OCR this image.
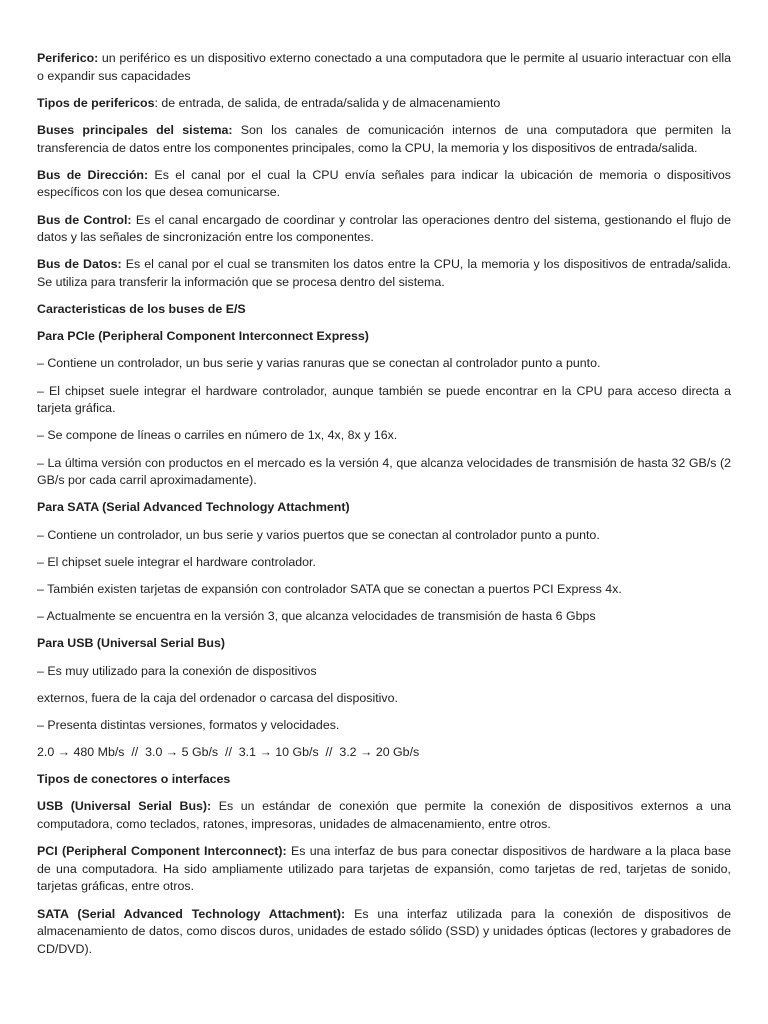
Periferico: un periférico es un dispositivo externo conectado a una computadora que le permite al usuario interactuar con ella o expandir sus capacidades

Tipos de perifericos: de entrada, de salida, de entrada/salida y de almacenamiento

Buses principales del sistema: Son los canales de comunicación internos de una computadora que permiten la transferencia de datos entre los componentes principales, como la CPU, la memoria y los dispositivos de entrada/salida.

Bus de Dirección: Es el canal por el cual la CPU envía señales para indicar la ubicación de memoria o dispositivos específicos con los que desea comunicarse.

Bus de Control: Es el canal encargado de coordinar y controlar las operaciones dentro del sistema, gestionando el flujo de datos y las señales de sincronización entre los componentes.

Bus de Datos: Es el canal por el cual se transmiten los datos entre la CPU, la memoria y los dispositivos de entrada/salida. Se utiliza para transferir la información que se procesa dentro del sistema.

Caracteristicas de los buses de E/S

Para PCIe (Peripheral Component Interconnect Express)

– Contiene un controlador, un bus serie y varias ranuras que se conectan al controlador punto a punto.

– El chipset suele integrar el hardware controlador, aunque también se puede encontrar en la CPU para acceso directa a tarjeta gráfica.

– Se compone de líneas o carriles en número de 1x, 4x, 8x y 16x.

– La última versión con productos en el mercado es la versión 4, que alcanza velocidades de transmisión de hasta 32 GB/s (2 GB/s por cada carril aproximadamente).

Para SATA (Serial Advanced Technology Attachment)

– Contiene un controlador, un bus serie y varios puertos que se conectan al controlador punto a punto.

– El chipset suele integrar el hardware controlador.

– También existen tarjetas de expansión con controlador SATA que se conectan a puertos PCI Express 4x.

– Actualmente se encuentra en la versión 3, que alcanza velocidades de transmisión de hasta 6 Gbps

Para USB (Universal Serial Bus)

– Es muy utilizado para la conexión de dispositivos

externos, fuera de la caja del ordenador o carcasa del dispositivo.

– Presenta distintas versiones, formatos y velocidades.

2.0 → 480 Mb/s  //  3.0 → 5 Gb/s  //  3.1 → 10 Gb/s  //  3.2 → 20 Gb/s

Tipos de conectores o interfaces

USB (Universal Serial Bus): Es un estándar de conexión que permite la conexión de dispositivos externos a una computadora, como teclados, ratones, impresoras, unidades de almacenamiento, entre otros.

PCI (Peripheral Component Interconnect): Es una interfaz de bus para conectar dispositivos de hardware a la placa base de una computadora. Ha sido ampliamente utilizado para tarjetas de expansión, como tarjetas de red, tarjetas de sonido, tarjetas gráficas, entre otros.

SATA (Serial Advanced Technology Attachment): Es una interfaz utilizada para la conexión de dispositivos de almacenamiento de datos, como discos duros, unidades de estado sólido (SSD) y unidades ópticas (lectores y grabadores de CD/DVD).
